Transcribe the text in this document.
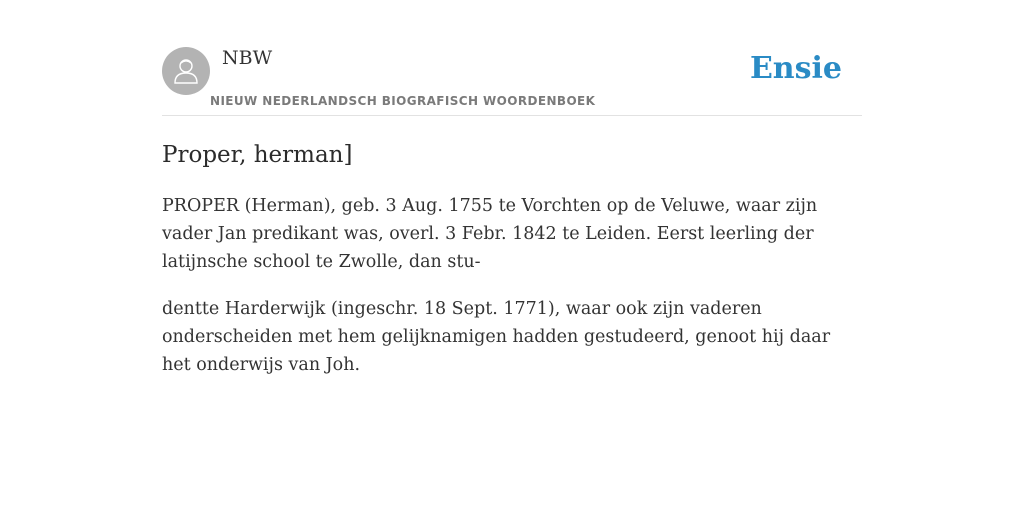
NBW
NIEUW NEDERLANDSCH BIOGRAFISCH WOORDENBOEK
Ensie
Proper, herman]

PROPER (Herman), geb. 3 Aug. 1755 te Vorchten op de Veluwe, waar zijn vader Jan predikant was, overl. 3 Febr. 1842 te Leiden. Eerst leerling der latijnsche school te Zwolle, dan stu-

dentte Harderwijk (ingeschr. 18 Sept. 1771), waar ook zijn vaderen onderscheiden met hem gelijknamigen hadden gestudeerd, genoot hij daar het onderwijs van Joh.
